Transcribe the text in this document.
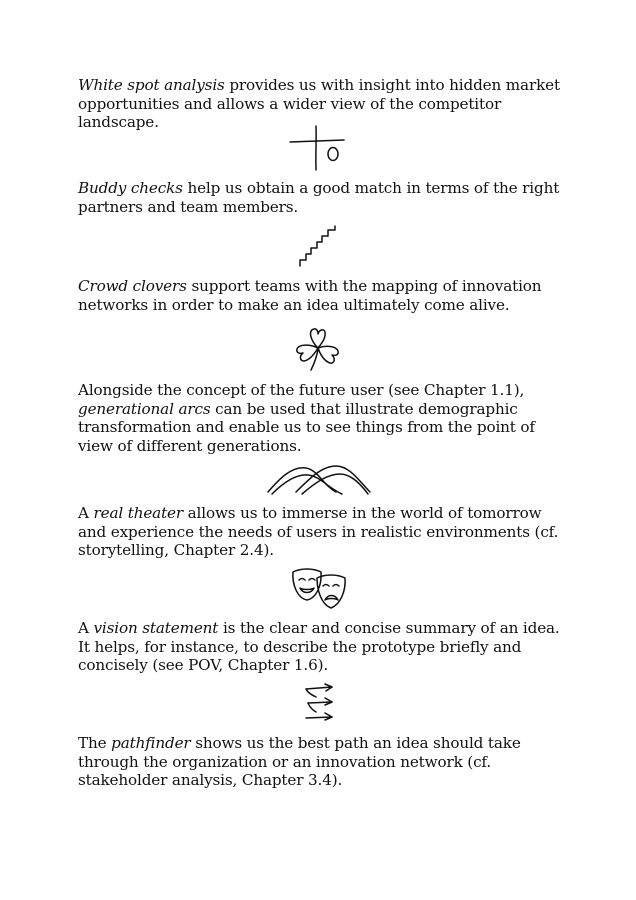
White spot analysis provides us with insight into hidden market opportunities and allows a wider view of the competitor landscape.

Buddy checks help us obtain a good match in terms of the right partners and team members.

Crowd clovers support teams with the mapping of innovation networks in order to make an idea ultimately come alive.

Alongside the concept of the future user (see Chapter 1.1), generational arcs can be used that illustrate demographic transformation and enable us to see things from the point of view of different generations.

A real theater allows us to immerse in the world of tomorrow and experience the needs of users in realistic environments (cf. storytelling, Chapter 2.4).

A vision statement is the clear and concise summary of an idea. It helps, for instance, to describe the prototype briefly and concisely (see POV, Chapter 1.6).

The pathfinder shows us the best path an idea should take through the organization or an innovation network (cf. stakeholder analysis, Chapter 3.4).
